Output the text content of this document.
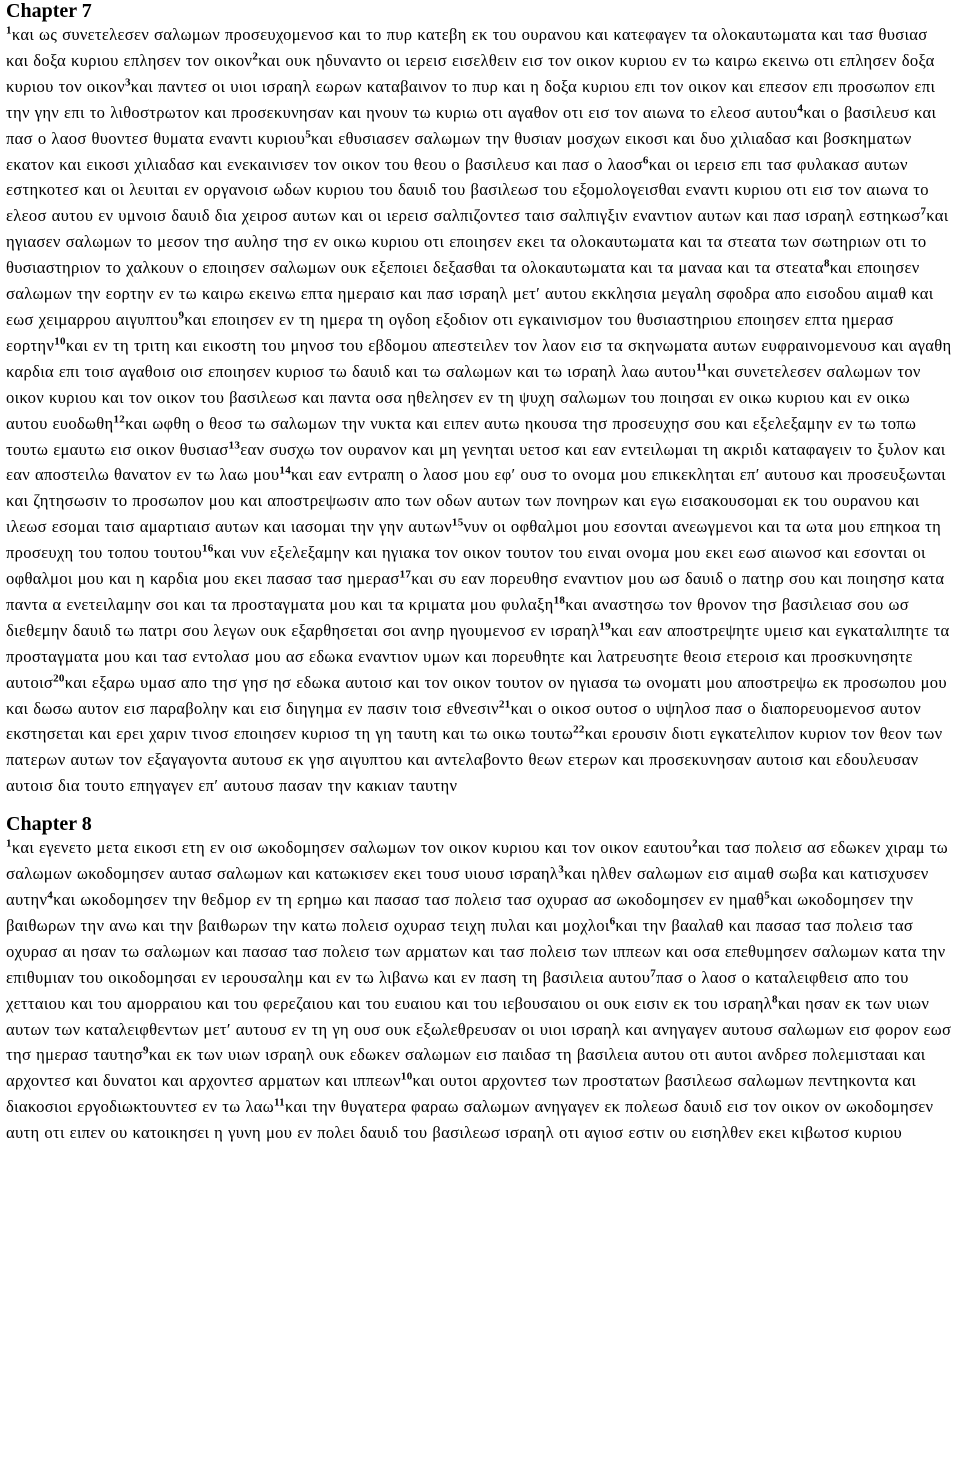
Chapter 7

$^1$και ως συνετελεσεν σαλωμων προσευχομενοσ και το πυρ κατεβη εκ του ουρανου και κατεφαγεν τα ολοκαυτωματα και τασ θυσιασ και δοξα κυριου επλησεν τον οικον$^2$και ουκ ηδυναντο οι ιερεισ εισελθειν εισ τον οικον κυριου εν τω καιρω εκεινω οτι επλησεν δοξα κυριου τον οικον$^3$και παντεσ οι υιοι ισραηλ εωρων καταβαινον το πυρ και η δοξα κυριου επι τον οικον και επεσον επι προσωπον επι την γην επι το λιθοστρωτον και προσεκυνησαν και ηνουν τω κυριω οτι αγαθον οτι εισ τον αιωνα το ελεοσ αυτου$^4$και ο βασιλευσ και πασ ο λαοσ θυοντεσ θυματα εναντι κυριου$^5$και εθυσιασεν σαλωμων την θυσιαν μοσχων εικοσι και δυο χιλιαδασ και βοσκηματων εκατον και εικοσι χιλιαδασ και ενεκαινισεν τον οικον του θεου ο βασιλευσ και πασ ο λαοσ$^6$και οι ιερεισ επι τασ φυλακασ αυτων εστηκοτεσ και οι λευιται εν οργανοισ ωδων κυριου του δαυιδ του βασιλεωσ του εξομολογεισθαι εναντι κυριου οτι εισ τον αιωνα το ελεοσ αυτου εν υμνοισ δαυιδ δια χειροσ αυτων και οι ιερεισ σαλπιζοντεσ ταισ σαλπιγξιν εναντιον αυτων και πασ ισραηλ εστηκωσ$^7$και ηγιασεν σαλωμων το μεσον τησ αυλησ τησ εν οικω κυριου οτι εποιησεν εκει τα ολοκαυτωματα και τα στεατα των σωτηριων οτι το θυσιαστηριον το χαλκουν ο εποιησεν σαλωμων ουκ εξεποιει δεξασθαι τα ολοκαυτωματα και τα μαναα και τα στεατα$^8$και εποιησεν σαλωμων την εορτην εν τω καιρω εκεινω επτα ημεραισ και πασ ισραηλ μετ′ αυτου εκκλησια μεγαλη σφοδρα απο εισοδου αιμαθ και εωσ χειμαρρου αιγυπτου$^9$και εποιησεν εν τη ημερα τη ογδοη εξοδιον οτι εγκαινισμον του θυσιαστηριου εποιησεν επτα ημερασ εορτην$^{10}$και εν τη τριτη και εικοστη του μηνοσ του εβδομου απεστειλεν τον λαον εισ τα σκηνωματα αυτων ευφραινομενουσ και αγαθη καρδια επι τοισ αγαθοισ οισ εποιησεν κυριοσ τω δαυιδ και τω σαλωμων και τω ισραηλ λαω αυτου$^{11}$και συνετελεσεν σαλωμων τον οικον κυριου και τον οικον του βασιλεωσ και παντα οσα ηθελησεν εν τη ψυχη σαλωμων του ποιησαι εν οικω κυριου και εν οικω αυτου ευοδωθη$^{12}$και ωφθη ο θεοσ τω σαλωμων την νυκτα και ειπεν αυτω ηκουσα τησ προσευχησ σου και εξελεξαμην εν τω τοπω τουτω εμαυτω εισ οικον θυσιασ$^{13}$εαν συσχω τον ουρανον και μη γενηται υετοσ και εαν εντειλωμαι τη ακριδι καταφαγειν το ξυλον και εαν αποστειλω θανατον εν τω λαω μου$^{14}$και εαν εντραπη ο λαοσ μου εφ′ ουσ το ονομα μου επικεκληται επ′ αυτουσ και προσευξωνται και ζητησωσιν το προσωπον μου και αποστρεψωσιν απο των οδων αυτων των πονηρων και εγω εισακουσομαι εκ του ουρανου και ιλεωσ εσομαι ταισ αμαρτιαισ αυτων και ιασομαι την γην αυτων$^{15}$νυν οι οφθαλμοι μου εσονται ανεωγμενοι και τα ωτα μου επηκοα τη προσευχη του τοπου τουτου$^{16}$και νυν εξελεξαμην και ηγιακα τον οικον τουτον του ειναι ονομα μου εκει εωσ αιωνοσ και εσονται οι οφθαλμοι μου και η καρδια μου εκει πασασ τασ ημερασ$^{17}$και συ εαν πορευθησ εναντιον μου ωσ δαυιδ ο πατηρ σου και ποιησησ κατα παντα α ενετειλαμην σοι και τα προσταγματα μου και τα κριματα μου φυλαξη$^{18}$και αναστησω τον θρονον τησ βασιλειασ σου ωσ διεθεμην δαυιδ τω πατρι σου λεγων ουκ εξαρθησεται σοι ανηρ ηγουμενοσ εν ισραηλ$^{19}$και εαν αποστρεψητε υμεισ και εγκαταλιπητε τα προσταγματα μου και τασ εντολασ μου ασ εδωκα εναντιον υμων και πορευθητε και λατρευσητε θεοισ ετεροισ και προσκυνησητε αυτοισ$^{20}$και εξαρω υμασ απο τησ γησ ησ εδωκα αυτοισ και τον οικον τουτον ον ηγιασα τω ονοματι μου αποστρεψω εκ προσωπου μου και δωσω αυτον εισ παραβολην και εισ διηγημα εν πασιν τοισ εθνεσιν$^{21}$και ο οικοσ ουτοσ ο υψηλοσ πασ ο διαπορευομενοσ αυτον εκστησεται και ερει χαριν τινοσ εποιησεν κυριοσ τη γη ταυτη και τω οικω τουτω$^{22}$και ερουσιν διοτι εγκατελιπον κυριον τον θεον των πατερων αυτων τον εξαγαγοντα αυτουσ εκ γησ αιγυπτου και αντελαβοντο θεων ετερων και προσεκυνησαν αυτοισ και εδουλευσαν αυτοισ δια τουτο επηγαγεν επ′ αυτουσ πασαν την κακιαν ταυτην

Chapter 8

$^1$και εγενετο μετα εικοσι ετη εν οισ ωκοδομησεν σαλωμων τον οικον κυριου και τον οικον εαυτου$^2$και τασ πολεισ ασ εδωκεν χιραμ τω σαλωμων ωκοδομησεν αυτασ σαλωμων και κατωκισεν εκει τουσ υιουσ ισραηλ$^3$και ηλθεν σαλωμων εισ αιμαθ σωβα και κατισχυσεν αυτην$^4$και ωκοδομησεν την θεδμορ εν τη ερημω και πασασ τασ πολεισ τασ οχυρασ ασ ωκοδομησεν εν ημαθ$^5$και ωκοδομησεν την βαιθωρων την ανω και την βαιθωρων την κατω πολεισ οχυρασ τειχη πυλαι και μοχλοι$^6$και την βααλαθ και πασασ τασ πολεισ τασ οχυρασ αι ησαν τω σαλωμων και πασασ τασ πολεισ των αρματων και τασ πολεισ των ιππεων και οσα επεθυμησεν σαλωμων κατα την επιθυμιαν του οικοδομησαι εν ιερουσαλημ και εν τω λιβανω και εν παση τη βασιλεια αυτου$^7$πασ ο λαοσ ο καταλειφθεισ απο του χετταιου και του αμορραιου και του φερεζαιου και του ευαιου και του ιεβουσαιου οι ουκ εισιν εκ του ισραηλ$^8$και ησαν εκ των υιων αυτων των καταλειφθεντων μετ′ αυτουσ εν τη γη ουσ ουκ εξωλεθρευσαν οι υιοι ισραηλ και ανηγαγεν αυτουσ σαλωμων εισ φορον εωσ τησ ημερασ ταυτησ$^9$και εκ των υιων ισραηλ ουκ εδωκεν σαλωμων εισ παιδασ τη βασιλεια αυτου οτι αυτοι ανδρεσ πολεμιστααι και αρχοντεσ και δυνατοι και αρχοντεσ αρματων και ιππεων$^{10}$και ουτοι αρχοντεσ των προστατων βασιλεωσ σαλωμων πεντηκοντα και διακοσιοι εργοδιωκτουντεσ εν τω λαω$^{11}$και την θυγατερα φαραω σαλωμων ανηγαγεν εκ πολεωσ δαυιδ εισ τον οικον ον ωκοδομησεν αυτη οτι ειπεν ου κατοικησει η γυνη μου εν πολει δαυιδ του βασιλεωσ ισραηλ οτι αγιοσ εστιν ου εισηλθεν εκει κιβωτοσ κυριου
